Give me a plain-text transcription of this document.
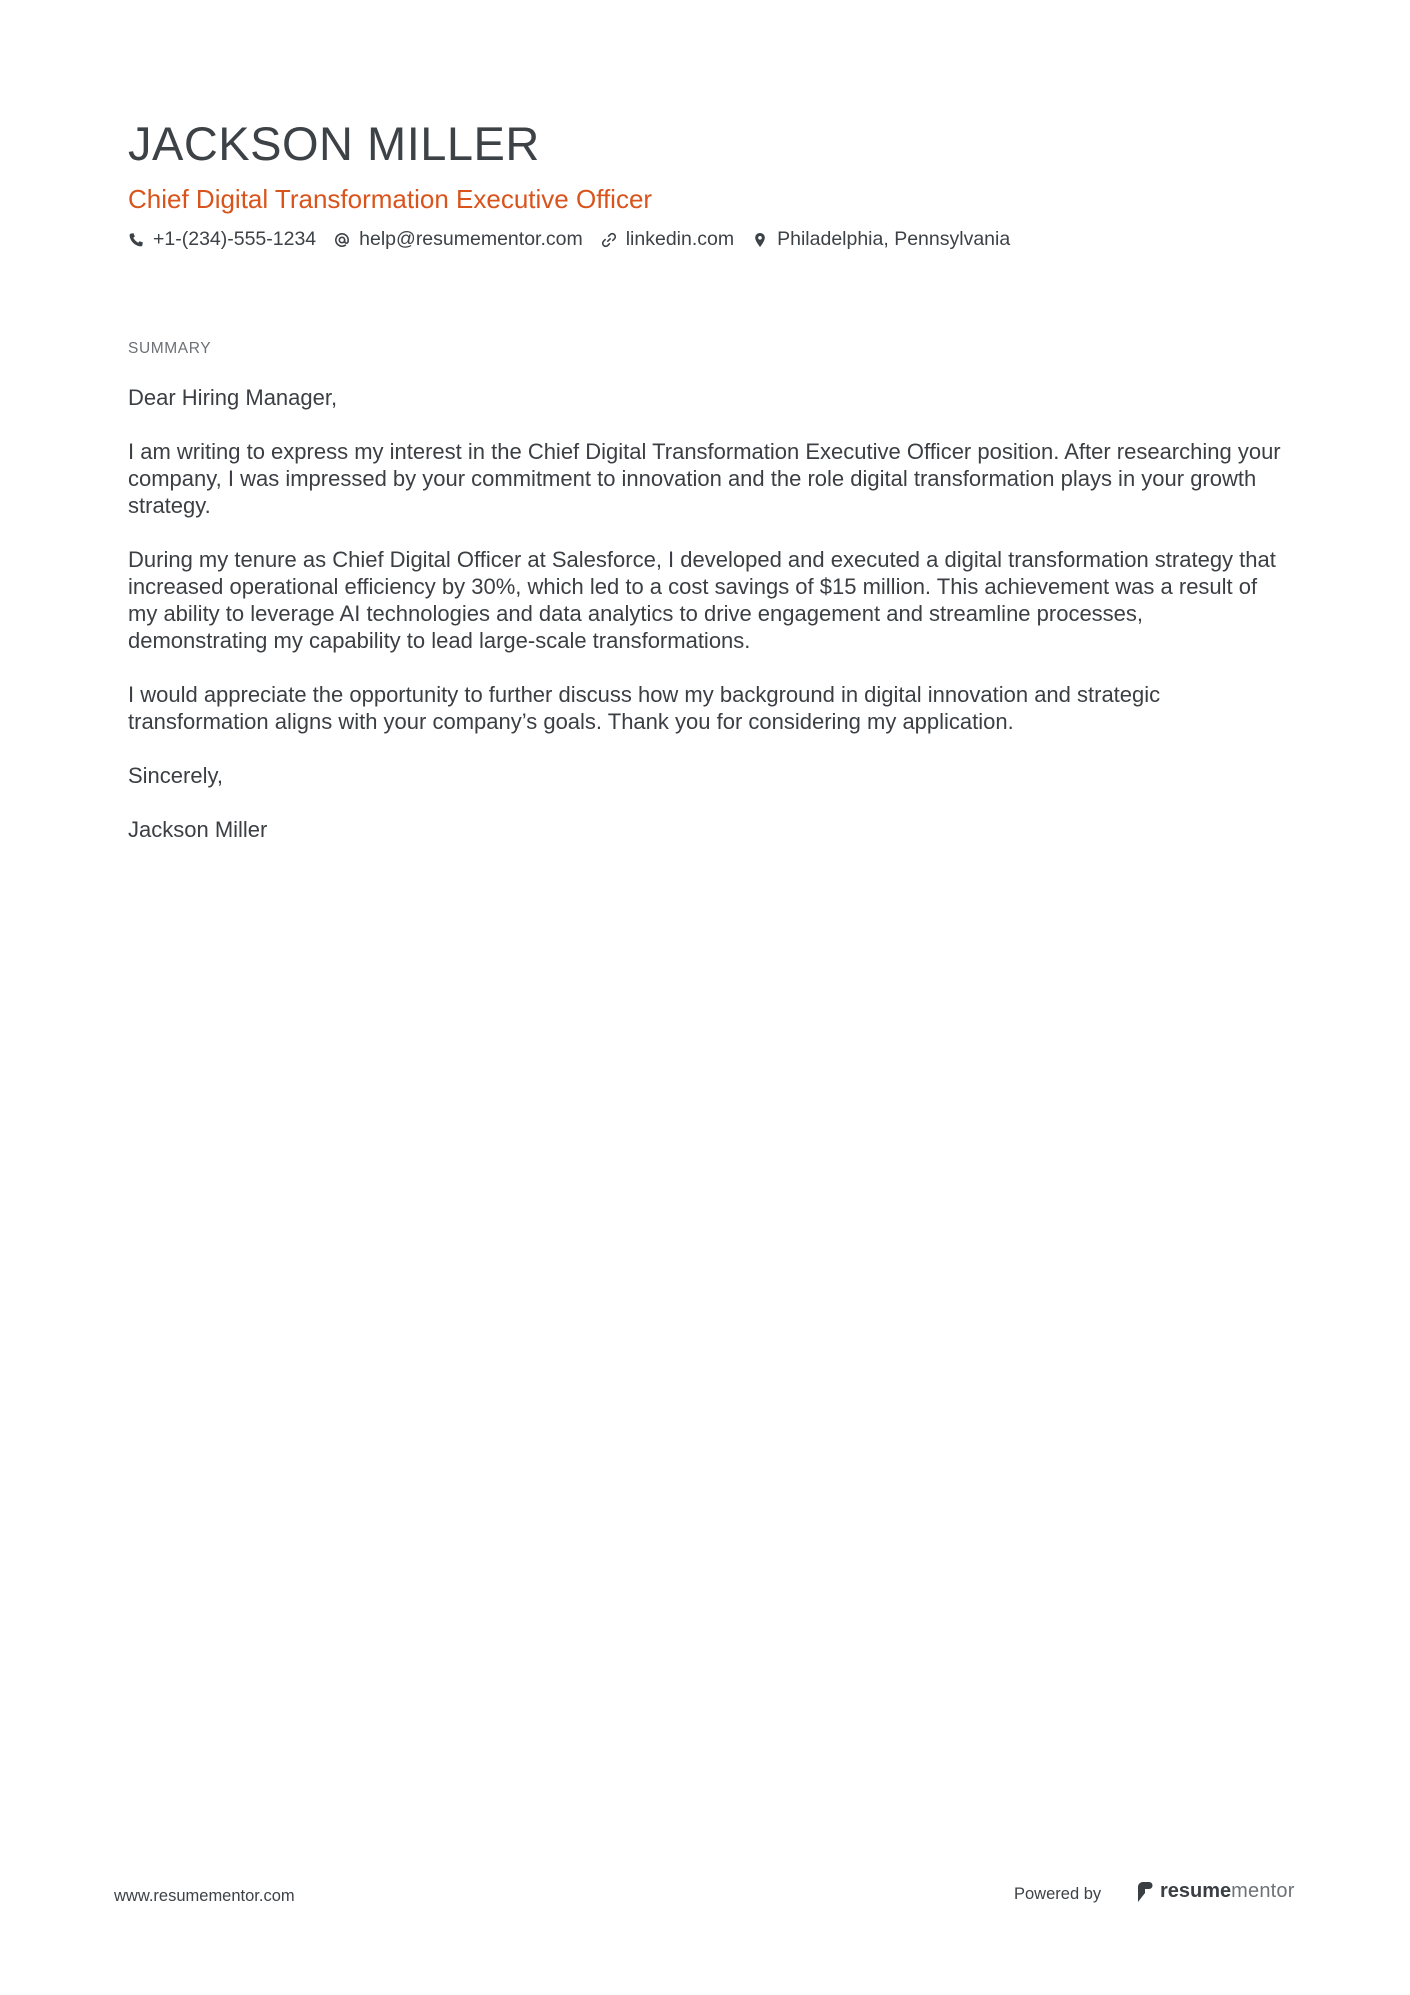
JACKSON MILLER
Chief Digital Transformation Executive Officer
+1-(234)-555-1234 help@resumementor.com linkedin.com Philadelphia, Pennsylvania
SUMMARY

Dear Hiring Manager,

I am writing to express my interest in the Chief Digital Transformation Executive Officer position. After researching your company, I was impressed by your commitment to innovation and the role digital transformation plays in your growth strategy.

During my tenure as Chief Digital Officer at Salesforce, I developed and executed a digital transformation strategy that increased operational efficiency by 30%, which led to a cost savings of $15 million. This achievement was a result of my ability to leverage AI technologies and data analytics to drive engagement and streamline processes, demonstrating my capability to lead large-scale transformations.

I would appreciate the opportunity to further discuss how my background in digital innovation and strategic transformation aligns with your company’s goals. Thank you for considering my application.

Sincerely,

Jackson Miller

www.resumementor.com	Powered by	resume mentor
